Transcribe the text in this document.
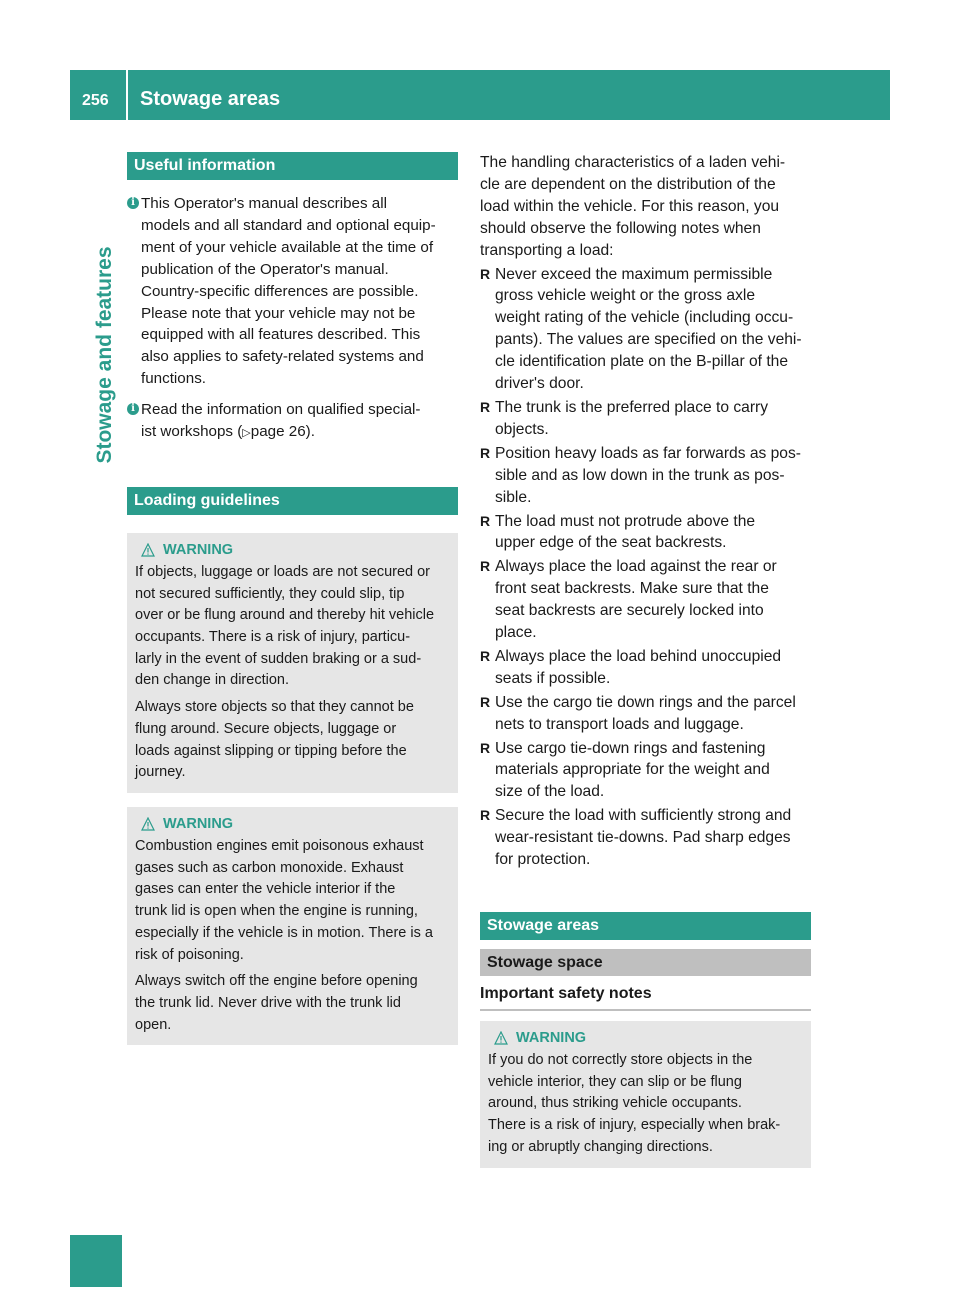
256	Stowage areas
Stowage and features
Useful information
i This Operator's manual describes all
models and all standard and optional equip-
ment of your vehicle available at the time of
publication of the Operator's manual.
Country-specific differences are possible.
Please note that your vehicle may not be
equipped with all features described. This
also applies to safety-related systems and
functions.
i Read the information on qualified special-
ist workshops (▷page 26).
Loading guidelines
WARNING
If objects, luggage or loads are not secured or
not secured sufficiently, they could slip, tip
over or be flung around and thereby hit vehicle
occupants. There is a risk of injury, particu-
larly in the event of sudden braking or a sud-
den change in direction.
Always store objects so that they cannot be
flung around. Secure objects, luggage or
loads against slipping or tipping before the
journey.
WARNING
Combustion engines emit poisonous exhaust
gases such as carbon monoxide. Exhaust
gases can enter the vehicle interior if the
trunk lid is open when the engine is running,
especially if the vehicle is in motion. There is a
risk of poisoning.
Always switch off the engine before opening
the trunk lid. Never drive with the trunk lid
open.
The handling characteristics of a laden vehi-
cle are dependent on the distribution of the
load within the vehicle. For this reason, you
should observe the following notes when
transporting a load:
R Never exceed the maximum permissible
gross vehicle weight or the gross axle
weight rating of the vehicle (including occu-
pants). The values are specified on the vehi-
cle identification plate on the B-pillar of the
driver's door.
R The trunk is the preferred place to carry
objects.
R Position heavy loads as far forwards as pos-
sible and as low down in the trunk as pos-
sible.
R The load must not protrude above the
upper edge of the seat backrests.
R Always place the load against the rear or
front seat backrests. Make sure that the
seat backrests are securely locked into
place.
R Always place the load behind unoccupied
seats if possible.
R Use the cargo tie down rings and the parcel
nets to transport loads and luggage.
R Use cargo tie-down rings and fastening
materials appropriate for the weight and
size of the load.
R Secure the load with sufficiently strong and
wear-resistant tie-downs. Pad sharp edges
for protection.
Stowage areas
Stowage space
Important safety notes
WARNING
If you do not correctly store objects in the
vehicle interior, they can slip or be flung
around, thus striking vehicle occupants.
There is a risk of injury, especially when brak-
ing or abruptly changing directions.
